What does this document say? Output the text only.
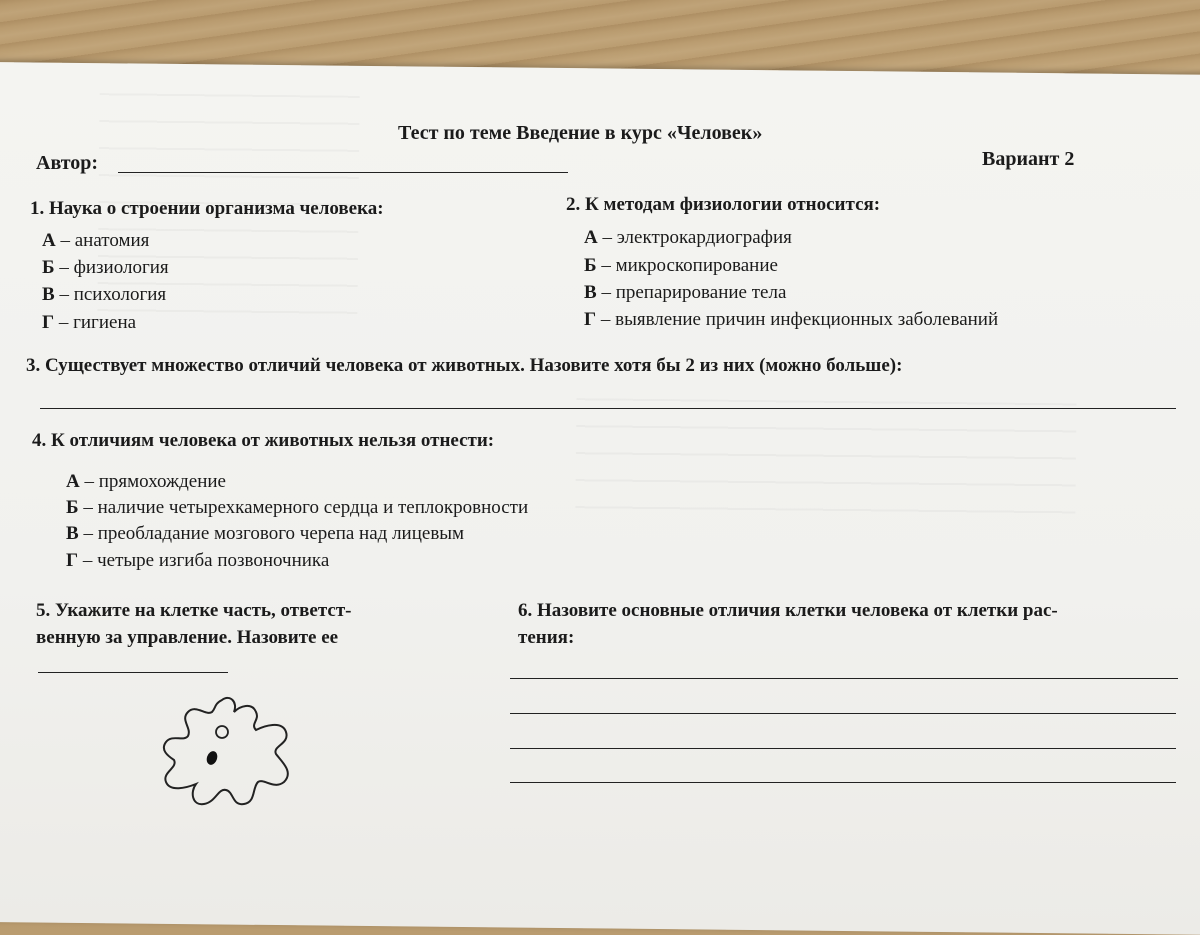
Тест по теме Введение в курс «Человек»
Автор:	Вариант 2
1. Наука о строении организма человека:
А – анатомия
Б – физиология
В – психология
Г – гигиена
2. К методам физиологии относится:
А – электрокардиография
Б – микроскопирование
В – препарирование тела
Г – выявление причин инфекционных заболеваний
3. Существует множество отличий человека от животных. Назовите хотя бы 2 из них (можно больше):
4. К отличиям человека от животных нельзя отнести:
А – прямохождение
Б – наличие четырехкамерного сердца и теплокровности
В – преобладание мозгового черепа над лицевым
Г – четыре изгиба позвоночника
5. Укажите на клетке часть, ответст-
венную за управление. Назовите ее
6. Назовите основные отличия клетки человека от клетки рас-
тения:
